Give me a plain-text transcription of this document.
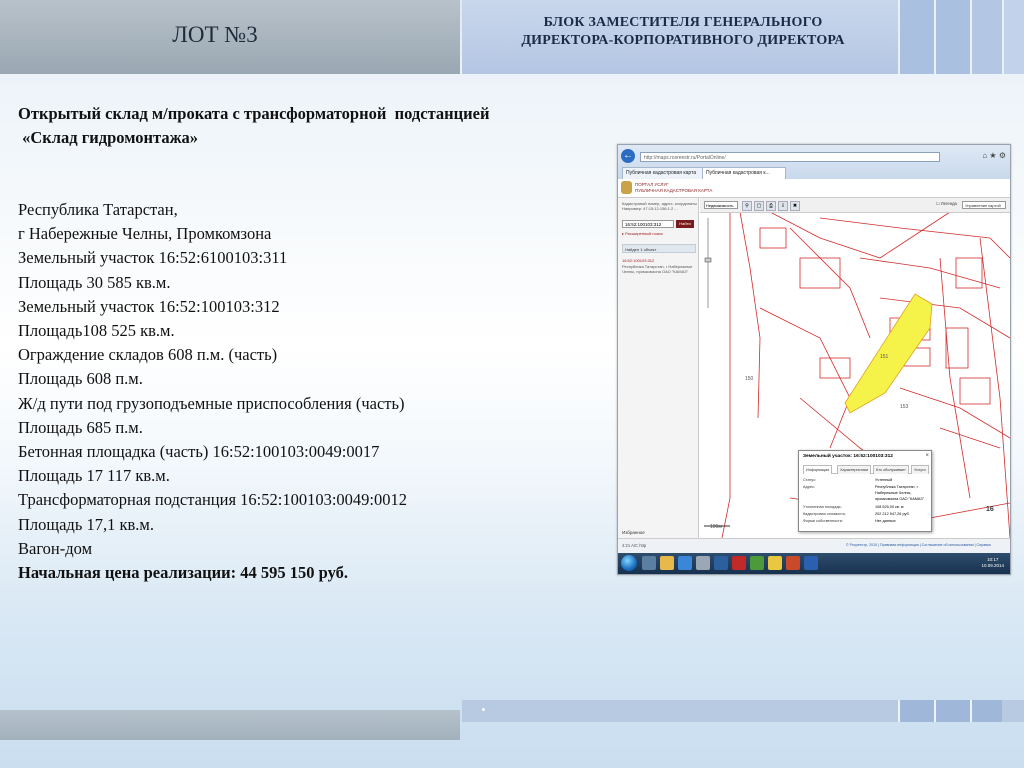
ЛОТ №3	БЛОК ЗАМЕСТИТЕЛЯ ГЕНЕРАЛЬНОГО
ДИРЕКТОРА-КОРПОРАТИВНОГО ДИРЕКТОРА
Открытый склад м/проката с трансформаторной  подстанцией
«Склад гидромонтажа»
Республика Татарстан,
г Набережные Челны, Промкомзона
Земельный участок 16:52:6100103:311
Площадь 30 585 кв.м.
Земельный участок 16:52:100103:312
Площадь108 525 кв.м.
Ограждение складов 608 п.м. (часть)
Площадь 608 п.м.
Ж/д пути под грузоподъемные приспособления (часть)
Площадь 685 п.м.
Бетонная площадка (часть) 16:52:100103:0049:0017
Площадь 17 117 кв.м.
Трансформаторная подстанция 16:52:100103:0049:0012
Площадь 17,1 кв.м.
Вагон-дом
Начальная цена реализации: 44 595 150 руб.
←	http://maps.rosreestr.ru/PortalOnline/	⌂ ★ ⚙
Публичная кадастровая карта	Публичная кадастровая к...
ПОРТАЛ УСЛУГ
ПУБЛИЧНАЯ КАДАСТРОВАЯ КАРТА
Кадастровый номер, адрес, координаты
Например: 47:15:12:156:1:2 ...
16:52:100103:312	Найти
▸ Расширенный поиск
Найден 1 объект
16:52:100103:312
Республика Татарстан, г Набережные
Челны, промкомзона ОАО "КАМАЗ"
Избранное
16
150
151
153
100м
Недвижимость	⚲	▢	⎙	⇩	✖	☐ Легенда	Управление картой
Земельный участок: 16:52:100103:312
Информация	Характеристики	Кто обслуживает	Услуги
Статус:	Учтенный
Адрес:	Республика Татарстан, г
Набережные Челны,
промкомзона ОАО "КАМАЗ"
Уточненная площадь:	108 525,00 кв. м
Кадастровая стоимость:	202 212 547,26 руб.
Форма собственности:	Нет данных
×
4:21 AIC http	© Росреестр, 2010 | Правовая информация | Соглашение об использовании | Справка
10:17
10.09.2014
